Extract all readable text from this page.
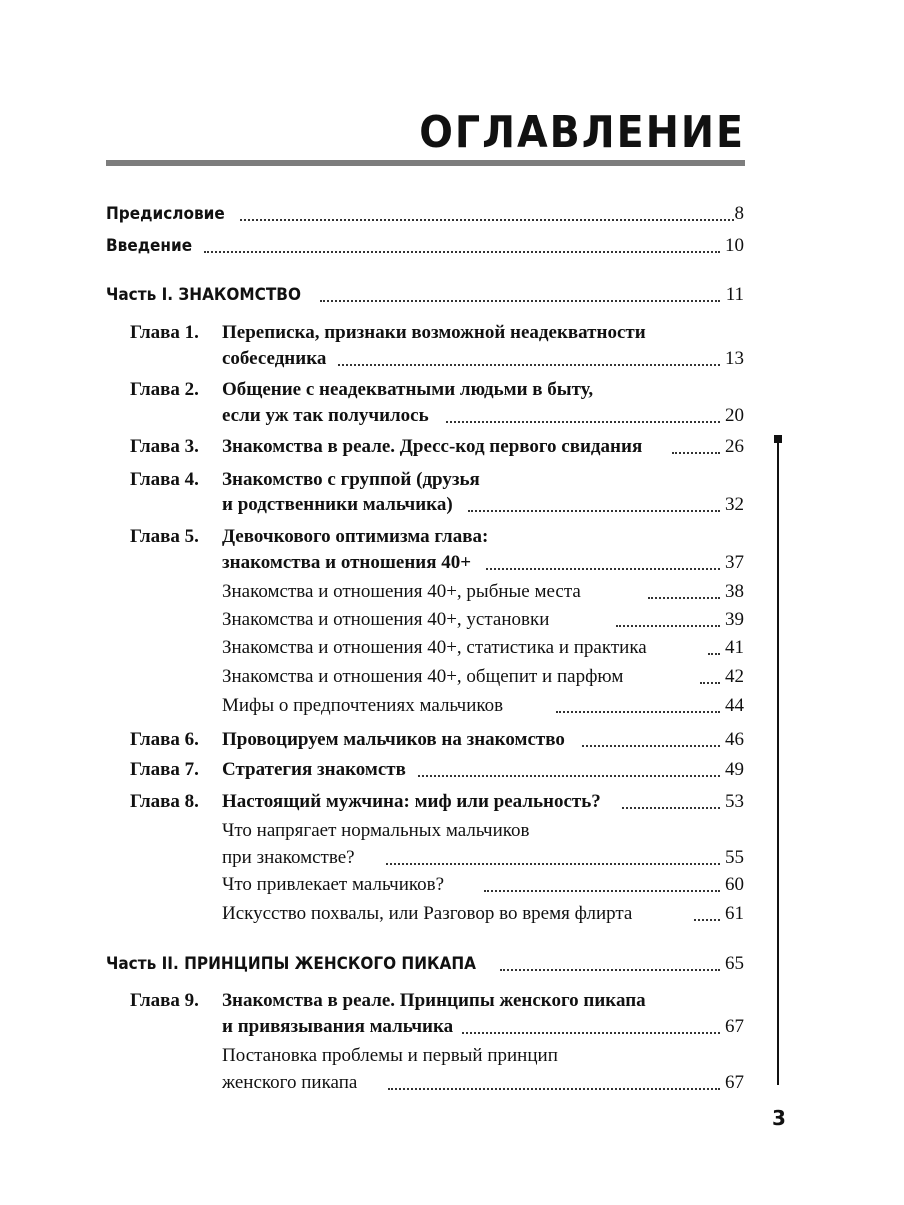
ОГЛАВЛЕНИЕ
Предисловие	8
Введение	10
Часть I. ЗНАКОМСТВО	11
Глава 1. Переписка, признаки возможной неадекватности
собеседника	13
Глава 2. Общение с неадекватными людьми в быту,
если уж так получилось	20
Глава 3. Знакомства в реале. Дресс-код первого свидания	26
Глава 4. Знакомство с группой (друзья
и родственники мальчика)	32
Глава 5. Девочкового оптимизма глава:
знакомства и отношения 40+	37
Знакомства и отношения 40+, рыбные места	38
Знакомства и отношения 40+, установки	39
Знакомства и отношения 40+, статистика и практика	41
Знакомства и отношения 40+, общепит и парфюм	42
Мифы о предпочтениях мальчиков	44
Глава 6. Провоцируем мальчиков на знакомство	46
Глава 7. Стратегия знакомств	49
Глава 8. Настоящий мужчина: миф или реальность?	53
Что напрягает нормальных мальчиков
при знакомстве?	55
Что привлекает мальчиков?	60
Искусство похвалы, или Разговор во время флирта	61
Часть II. ПРИНЦИПЫ ЖЕНСКОГО ПИКАПА	65
Глава 9. Знакомства в реале. Принципы женского пикапа
и привязывания мальчика	67
Постановка проблемы и первый принцип
женского пикапа	67
3
